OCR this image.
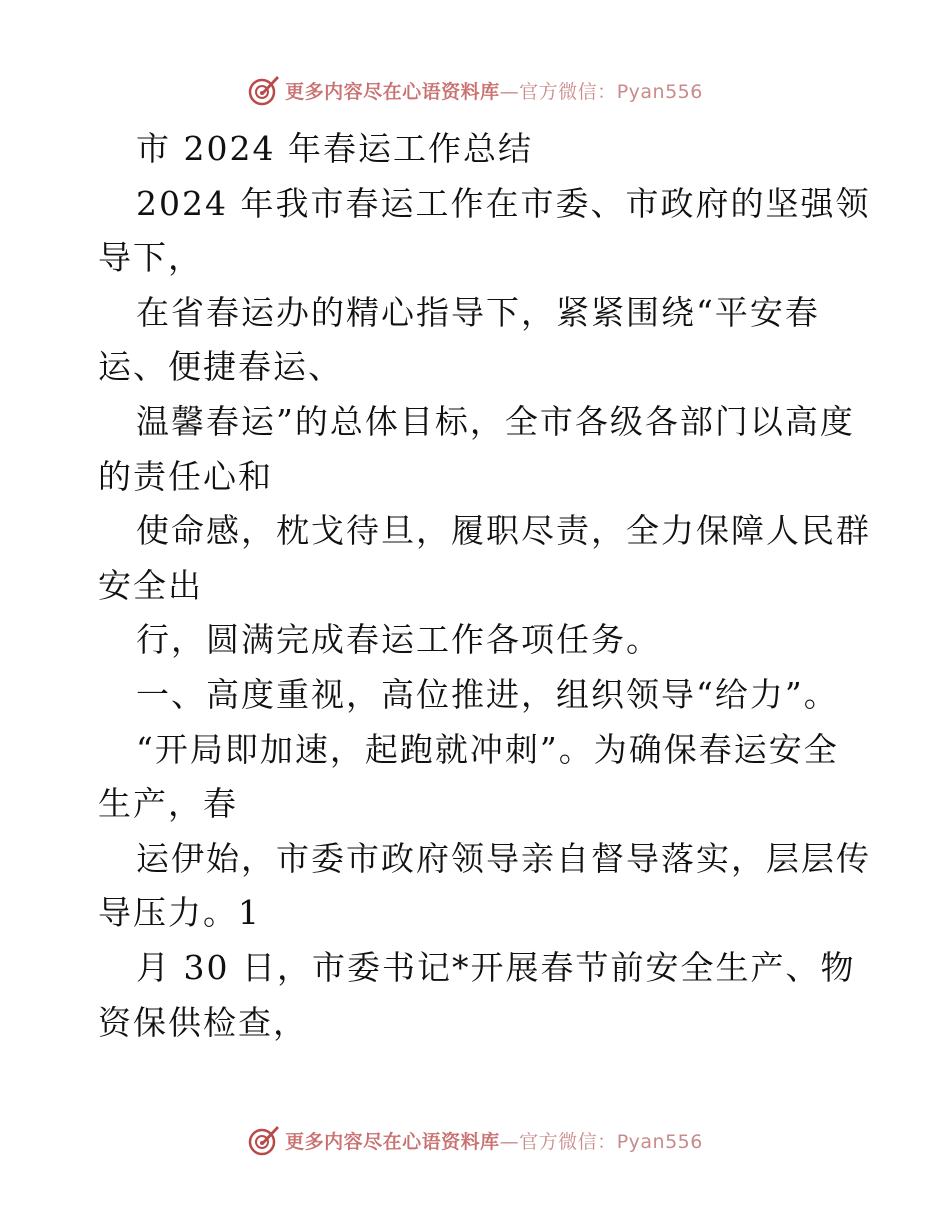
更多内容尽在心语资料库—官方微信：Pyan556
市 2024 年春运工作总结
2024 年我市春运工作在市委、市政府的坚强领
导下，
在省春运办的精心指导下，紧紧围绕“平安春
运、便捷春运、
温馨春运”的总体目标，全市各级各部门以高度
的责任心和
使命感，枕戈待旦，履职尽责，全力保障人民群
安全出
行，圆满完成春运工作各项任务。
一、高度重视，高位推进，组织领导“给力”。
“开局即加速，起跑就冲刺”。为确保春运安全
生产，春
运伊始，市委市政府领导亲自督导落实，层层传
导压力。1
月 30 日，市委书记*开展春节前安全生产、物
资保供检查，
更多内容尽在心语资料库—官方微信：Pyan556
